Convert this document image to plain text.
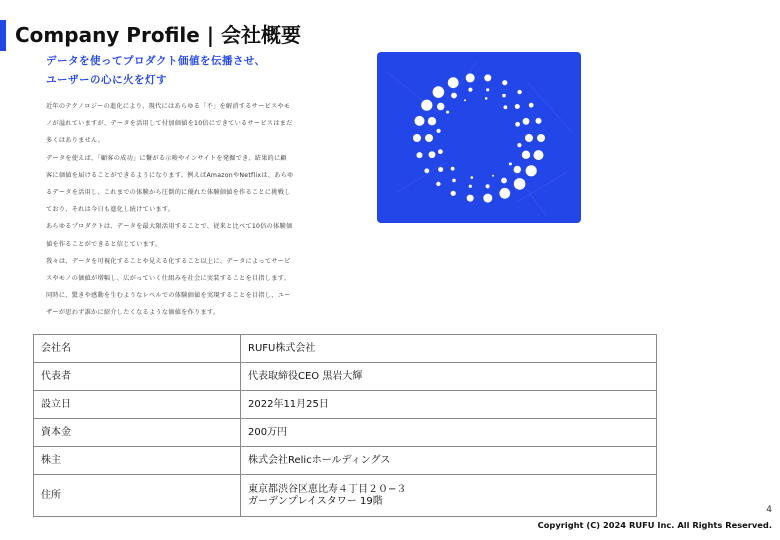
Company Profile | 会社概要
データを使ってプロダクト価値を伝播させ、
ユーザーの心に火を灯す
近年のテクノロジーの進化により、現代にはあらゆる「不」を解消するサービスやモ
ノが溢れていますが、データを活用して付加価値を10倍にできているサービスはまだ
多くはありません。
データを使えば、「顧客の成功」に繋がる示唆やインサイトを発掘でき、結果的に顧
客に価値を届けることができるようになります。例えばAmazonやNetflixは、あらゆ
るデータを活用し、これまでの体験から圧倒的に優れた体験価値を作ることに挑戦し
ており、それは今日も進化し続けています。
あらゆるプロダクトは、データを最大限活用することで、従来と比べて10倍の体験価
値を作ることができると信じています。
我々は、データを可視化することや見える化すること以上に、データによってサービ
スやモノの価値が増幅し、広がっていく仕組みを社会に実装することを目指します。
同時に、驚きや感動を生むようなレベルでの体験価値を実現することを目指し、ユー
ザーが思わず誰かに紹介したくなるような価値を作ります。
会社名	RUFU株式会社

代表者	代表取締役CEO 黒岩大輝

設立日	2022年11月25日

資本金	200万円

株主	株式会社Relicホールディングス

住所	東京都渋谷区恵比寿４丁目２０−３
ガーデンプレイスタワー 19階
4
Copyright (C) 2024 RUFU Inc. All Rights Reserved.
